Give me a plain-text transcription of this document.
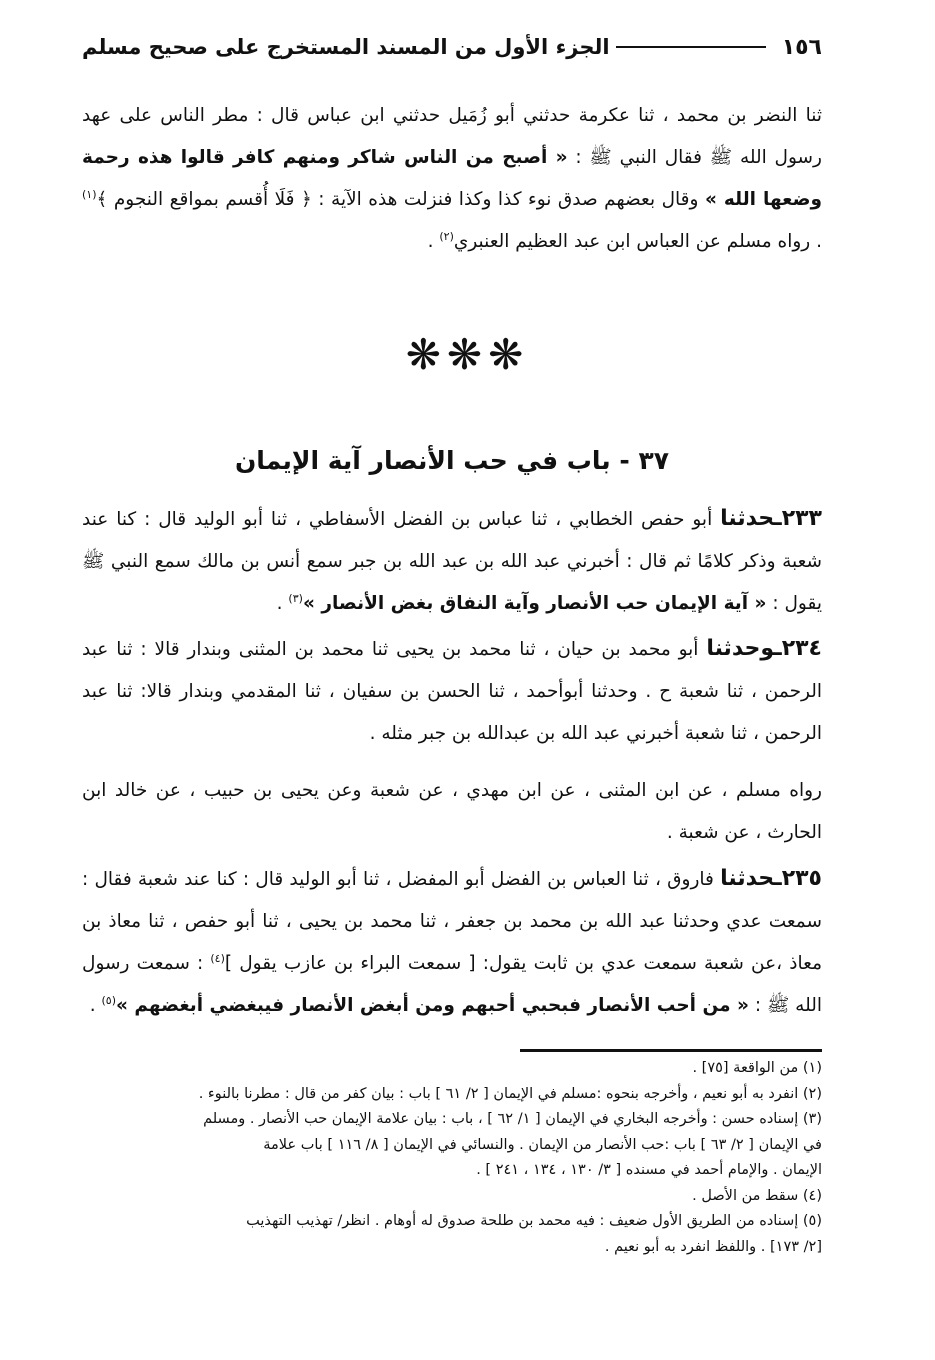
١٥٦
الجزء الأول من المسند المستخرج على صحيح مسلم
ثنا النضر بن محمد ، ثنا عكرمة حدثني أبو زُمَيل حدثني ابن عباس قال : مطر الناس على عهد رسول الله ﷺ فقال النبي ﷺ : « أصبح من الناس شاكر ومنهم كافر قالوا هذه رحمة وضعها الله » وقال بعضهم صدق نوء كذا وكذا فنزلت هذه الآية : ﴿ فَلَا أُقسم بمواقع النجوم ﴾$^{(١)}$ . رواه مسلم عن العباس ابن عبد العظيم العنبري$^{(٢)}$ .
❋❋❋
٣٧ - باب في حب الأنصار آية الإيمان
٢٣٣ـحدثنا أبو حفص الخطابي ، ثنا عباس بن الفضل الأسفاطي ، ثنا أبو الوليد قال : كنا عند شعبة وذكر كلامًا ثم قال : أخبرني عبد الله بن عبد الله بن جبر سمع أنس بن مالك سمع النبي ﷺ يقول : « آية الإيمان حب الأنصار وآية النفاق بغض الأنصار »$^{(٣)}$ .
٢٣٤ـوحدثنا أبو محمد بن حيان ، ثنا محمد بن يحيى ثنا محمد بن المثنى وبندار قالا : ثنا عبد الرحمن ، ثنا شعبة ح . وحدثنا أبوأحمد ، ثنا الحسن بن سفيان ، ثنا المقدمي وبندار قالا: ثنا عبد الرحمن ، ثنا شعبة أخبرني عبد الله بن عبدالله بن جبر مثله .
رواه مسلم ، عن ابن المثنى ، عن ابن مهدي ، عن شعبة وعن يحيى بن حبيب ، عن خالد ابن الحارث ، عن شعبة .
٢٣٥ـحدثنا فاروق ، ثنا العباس بن الفضل أبو المفضل ، ثنا أبو الوليد قال : كنا عند شعبة فقال : سمعت عدي وحدثنا عبد الله بن محمد بن جعفر ، ثنا محمد بن يحيى ، ثنا أبو حفص ، ثنا معاذ بن معاذ ،عن شعبة سمعت عدي بن ثابت يقول: [ سمعت البراء بن عازب يقول ]$^{(٤)}$ : سمعت رسول الله ﷺ : « من أحب الأنصار فبحبي أحبهم ومن أبغض الأنصار فيبغضي أبغضهم »$^{(٥)}$ .

(١) من الواقعة [٧٥] .

(٢) انفرد به أبو نعيم ، وأخرجه بنحوه :مسلم في الإيمان [ ٢/ ٦١ ] باب : بيان كفر من قال : مطرنا بالنوء .

(٣) إسناده حسن : وأخرجه البخاري في الإيمان [ ١/ ٦٢ ] ، باب : بيان علامة الإيمان حب الأنصار . ومسلم

في الإيمان [ ٢/ ٦٣ ] باب :حب الأنصار من الإيمان . والنسائي في الإيمان [ ٨/ ١١٦ ] باب علامة

الإيمان . والإمام أحمد في مسنده [ ٣/ ١٣٠ ، ١٣٤ ، ٢٤١ ] .

(٤) سقط من الأصل .

(٥) إسناده من الطريق الأول ضعيف : فيه محمد بن طلحة صدوق له أوهام . انظر/ تهذيب التهذيب

[٢/ ١٧٣] . واللفظ انفرد به أبو نعيم .
